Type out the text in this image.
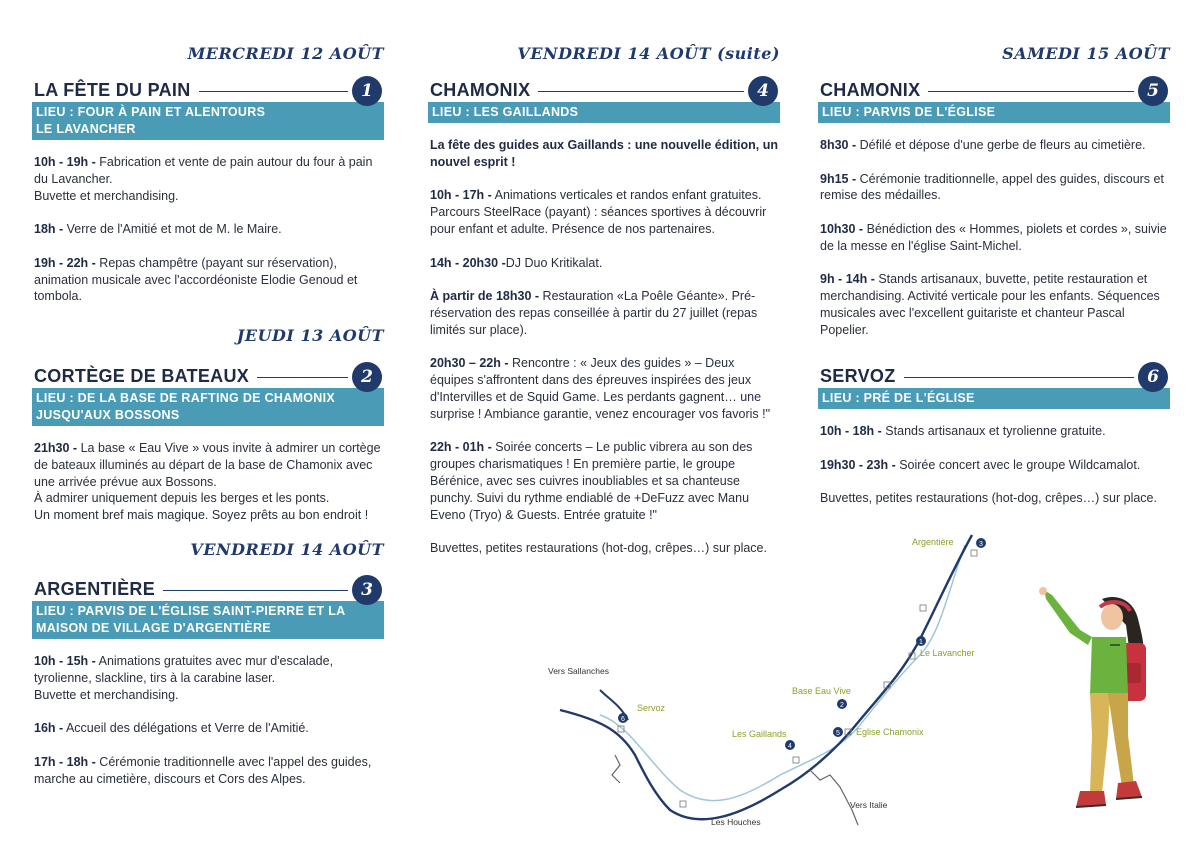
MERCREDI 12 AOÛT
LA FÊTE DU PAIN	1
LIEU : FOUR À PAIN ET ALENTOURS
LE LAVANCHER

10h - 19h - Fabrication et vente de pain autour du four à pain du Lavancher.
Buvette et merchandising.

18h - Verre de l'Amitié et mot de M. le Maire.

19h - 22h - Repas champêtre (payant sur réservation), animation musicale avec l'accordéoniste Elodie Genoud et tombola.

JEUDI 13 AOÛT
CORTÈGE DE BATEAUX	2
LIEU : DE LA BASE DE RAFTING DE CHAMONIX
JUSQU'AUX BOSSONS

21h30 - La base « Eau Vive » vous invite à admirer un cortège de bateaux illuminés au départ de la base de Chamonix avec une arrivée prévue aux Bossons.
À admirer uniquement depuis les berges et les ponts.
Un moment bref mais magique. Soyez prêts au bon endroit !

VENDREDI 14 AOÛT
ARGENTIÈRE	3
LIEU : PARVIS DE L'ÉGLISE SAINT-PIERRE ET LA
MAISON DE VILLAGE D'ARGENTIÈRE

10h - 15h - Animations gratuites avec mur d'escalade, tyrolienne, slackline, tirs à la carabine laser.
Buvette et merchandising.

16h - Accueil des délégations et Verre de l'Amitié.

17h - 18h - Cérémonie traditionnelle avec l'appel des guides, marche au cimetière, discours et Cors des Alpes.

VENDREDI 14 AOÛT (suite)
CHAMONIX	4
LIEU : LES GAILLANDS

La fête des guides aux Gaillands : une nouvelle édition, un nouvel esprit !

10h - 17h - Animations verticales et randos enfant gratuites. Parcours SteelRace (payant) : séances sportives à découvrir pour enfant et adulte. Présence de nos partenaires.

14h - 20h30 -DJ Duo Kritikalat.

À partir de 18h30 - Restauration «La Poêle Géante». Pré-réservation des repas conseillée à partir du 27 juillet (repas limités sur place).

20h30 – 22h - Rencontre : « Jeux des guides » – Deux équipes s'affrontent dans des épreuves inspirées des jeux d'Intervilles et de Squid Game. Les perdants gagnent… une surprise ! Ambiance garantie, venez encourager vos favoris !"

22h - 01h - Soirée concerts – Le public vibrera au son des groupes charismatiques ! En première partie, le groupe Bérénice, avec ses cuivres inoubliables et sa chanteuse punchy. Suivi du rythme endiablé de +DeFuzz avec Manu Eveno (Tryo) & Guests. Entrée gratuite !"

Buvettes, petites restaurations (hot-dog, crêpes…) sur place.

SAMEDI 15 AOÛT
CHAMONIX	5
LIEU : PARVIS DE L'ÉGLISE

8h30 - Défilé et dépose d'une gerbe de fleurs au cimetière.

9h15 - Cérémonie traditionnelle, appel des guides, discours et remise des médailles.

10h30 - Bénédiction des « Hommes, piolets et cordes », suivie de la messe en l'église Saint-Michel.

9h - 14h - Stands artisanaux, buvette, petite restauration et merchandising. Activité verticale pour les enfants. Séquences musicales avec l'excellent guitariste et chanteur Pascal Popelier.

SERVOZ	6
LIEU : PRÉ DE L'ÉGLISE

10h - 18h - Stands artisanaux et tyrolienne gratuite.

19h30 - 23h - Soirée concert avec le groupe Wildcamalot.

Buvettes, petites restaurations (hot-dog, crêpes…) sur place.

1
2
3
4
5
6
Argentière
Le Lavancher
Base Eau Vive
Eglise Chamonix
Les Gaillands
Servoz
Vers Sallanches
Les Houches
Vers Italie
